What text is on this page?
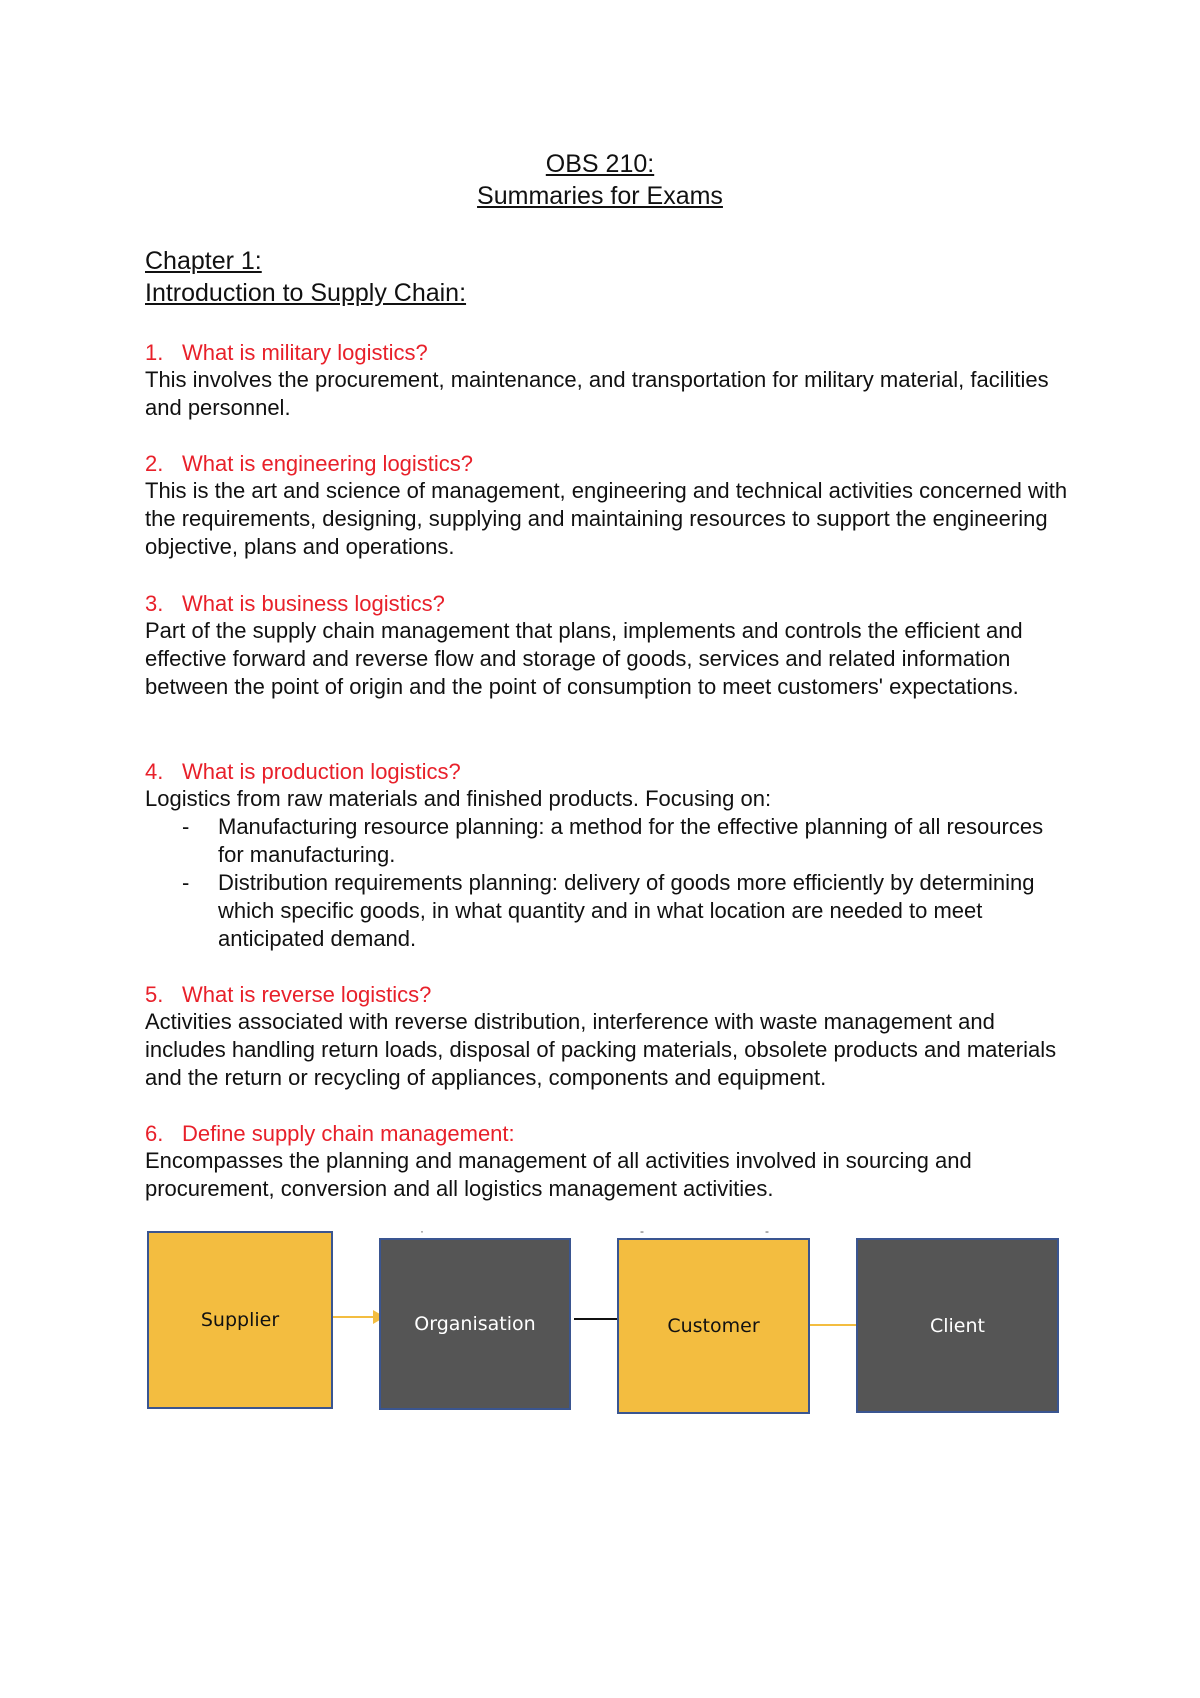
OBS 210:
Summaries for Exams
Chapter 1:
Introduction to Supply Chain:
1. What is military logistics?

This involves the procurement, maintenance, and transportation for military material, facilities and personnel.

2. What is engineering logistics?

This is the art and science of management, engineering and technical activities concerned with the requirements, designing, supplying and maintaining resources to support the engineering objective, plans and operations.

3. What is business logistics?

Part of the supply chain management that plans, implements and controls the efficient and effective forward and reverse flow and storage of goods, services and related information between the point of origin and the point of consumption to meet customers' expectations.

4. What is production logistics?

Logistics from raw materials and finished products. Focusing on:

- Manufacturing resource planning: a method for the effective planning of all resources for manufacturing.
- Distribution requirements planning: delivery of goods more efficiently by determining which specific goods, in what quantity and in what location are needed to meet anticipated demand.
5. What is reverse logistics?

Activities associated with reverse distribution, interference with waste management and includes handling return loads, disposal of packing materials, obsolete products and materials and the return or recycling of appliances, components and equipment.

6. Define supply chain management:

Encompasses the planning and management of all activities involved in sourcing and procurement, conversion and all logistics management activities.

·	-	-
Supplier	Organisation	Customer	Client
